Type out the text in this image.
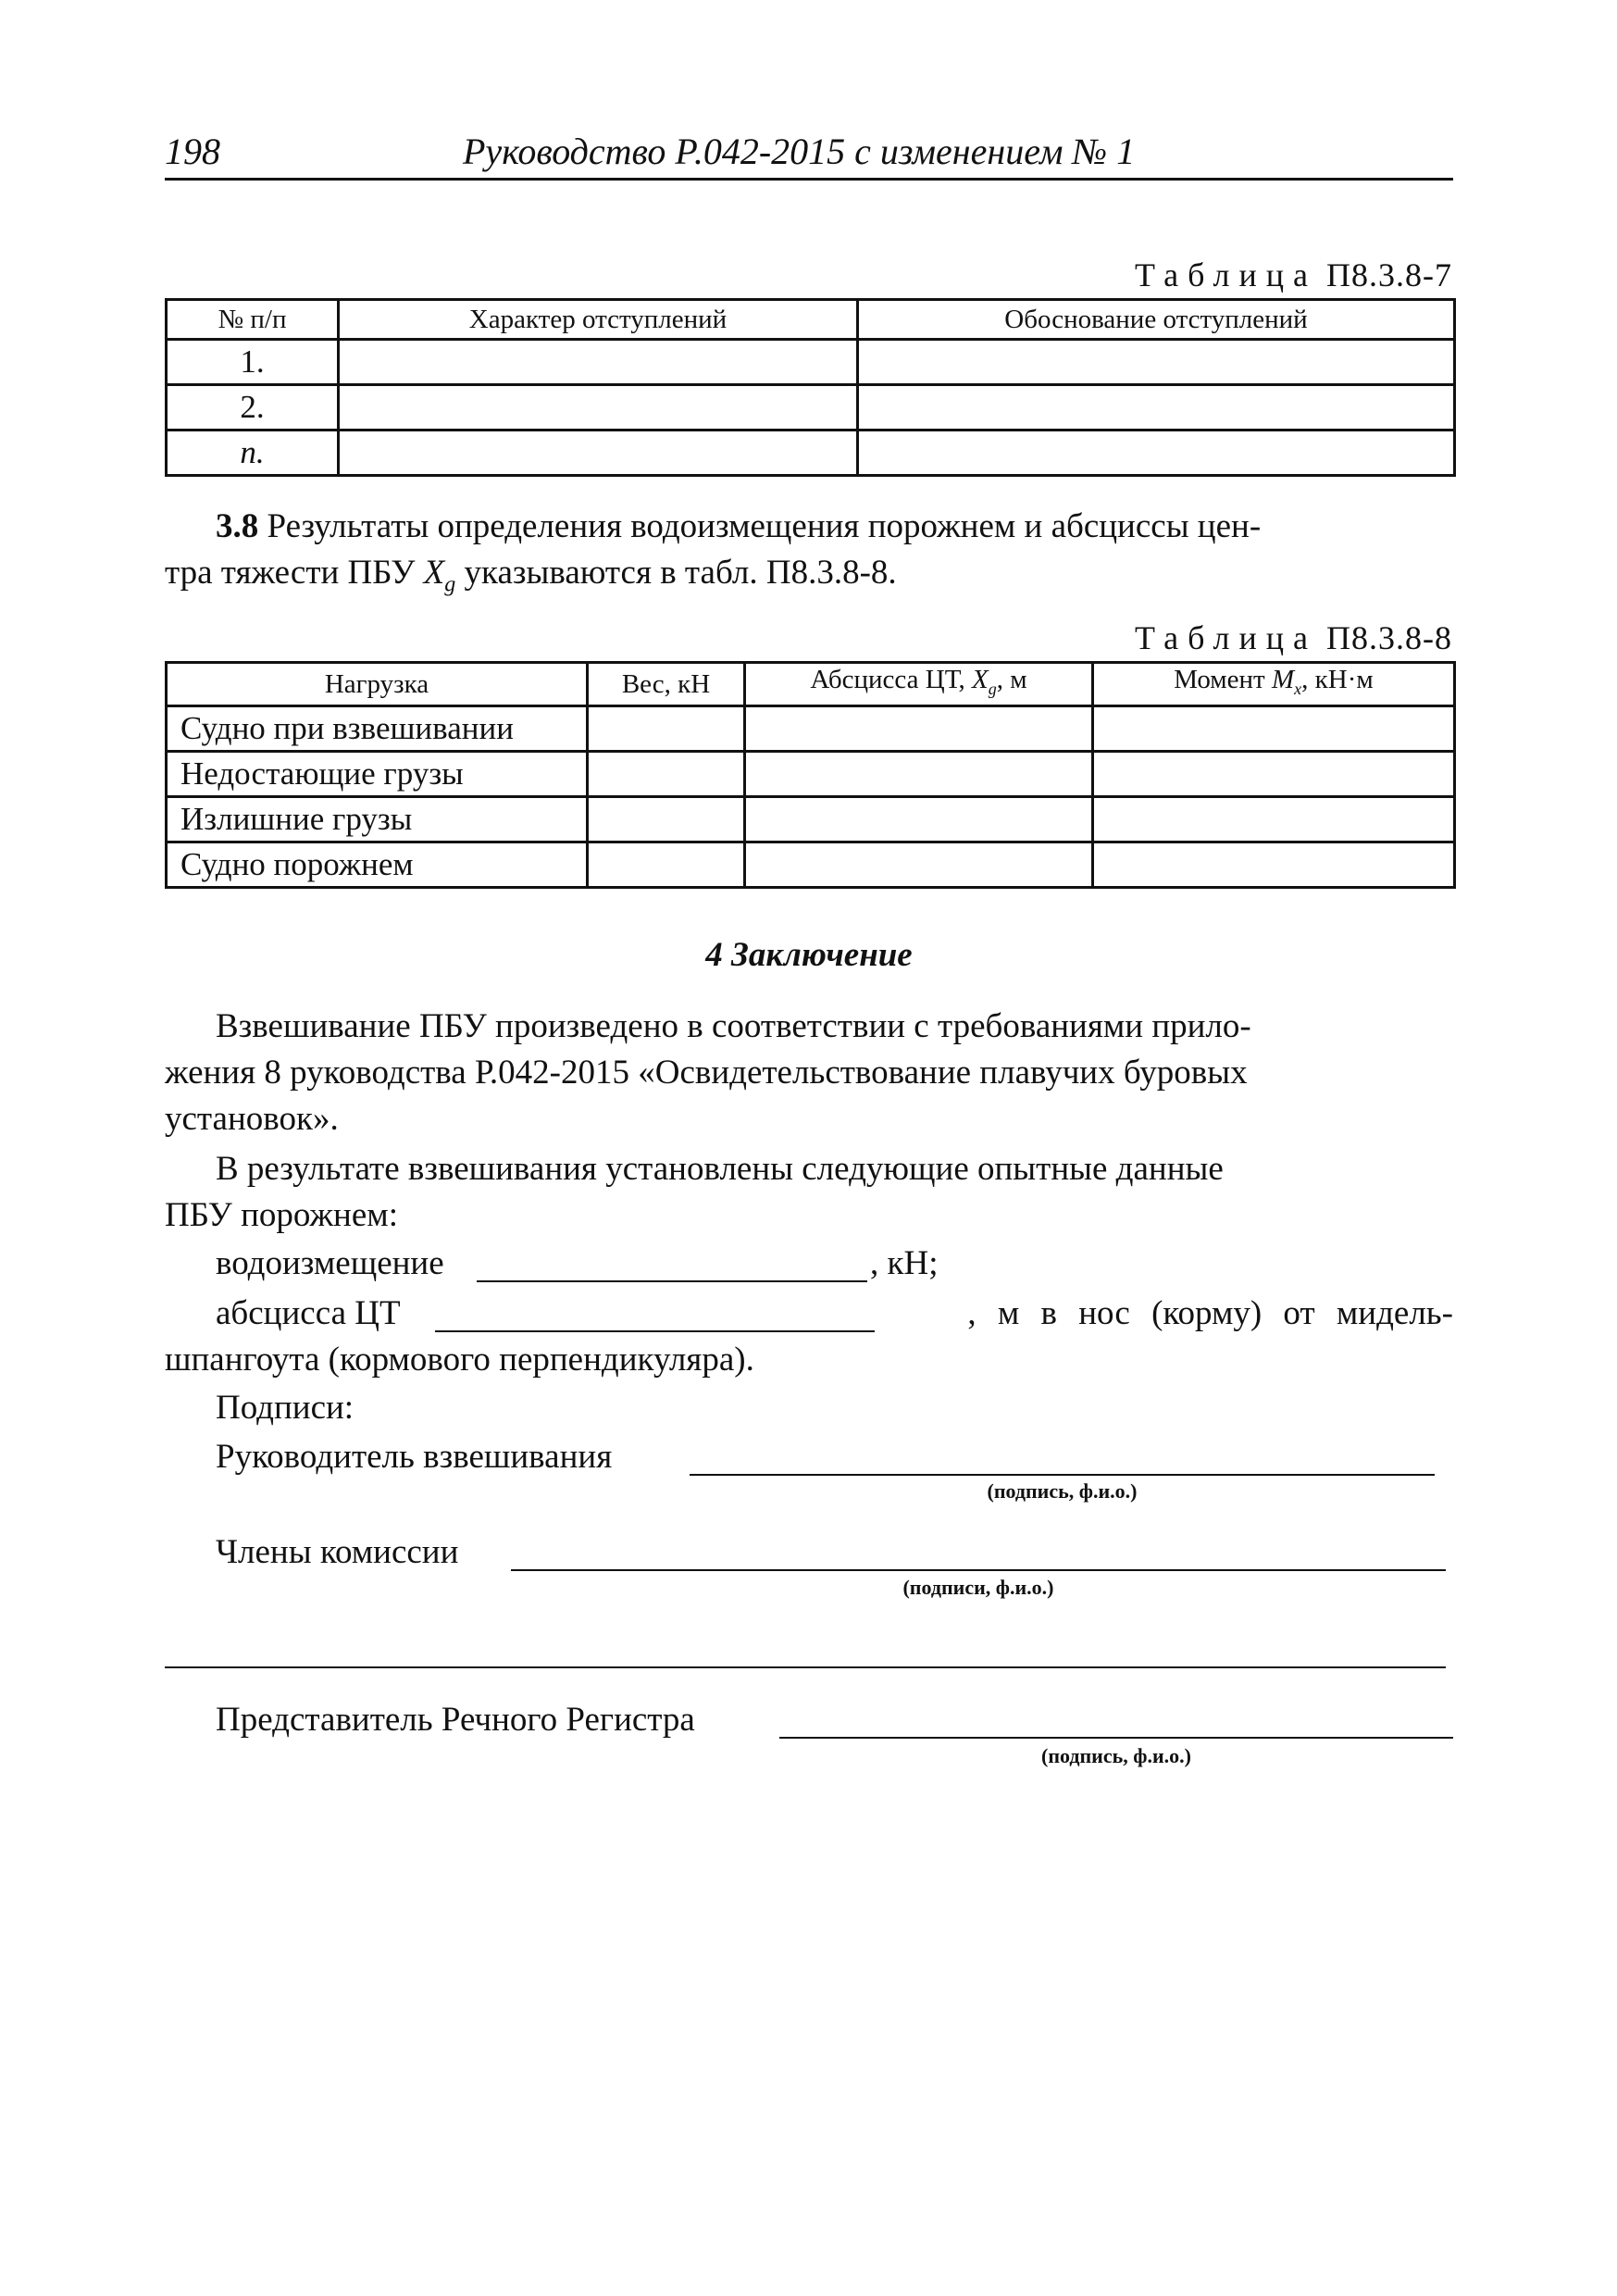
198	Руководство Р.042-2015 с изменением № 1
Таблица П8.3.8-7
№ п/п	Характер отступлений	Обоснование отступлений
1.		
2.		
n.		
3.8 Результаты определения водоизмещения порожнем и абсциссы цен-
тра тяжести ПБУ $X_g$ указываются в табл. П8.3.8-8.
Таблица П8.3.8-8
Нагрузка	Вес, кН	Абсцисса ЦТ, $X_g$, м	Момент $M_x$, кН·м
Судно при взвешивании			
Недостающие грузы			
Излишние грузы			
Судно порожнем			
4 Заключение
Взвешивание ПБУ произведено в соответствии с требованиями прило-
жения 8 руководства Р.042-2015 «Освидетельствование плавучих буровых
установок».
В результате взвешивания установлены следующие опытные данные
ПБУ порожнем:
водоизмещение	, кН;
абсцисса ЦТ	, м в нос (корму) от мидель-
шпангоута (кормового перпендикуляра).
Подписи:
Руководитель взвешивания
(подпись, ф.и.о.)
Члены комиссии
(подписи, ф.и.о.)
Представитель Речного Регистра
(подпись, ф.и.о.)
